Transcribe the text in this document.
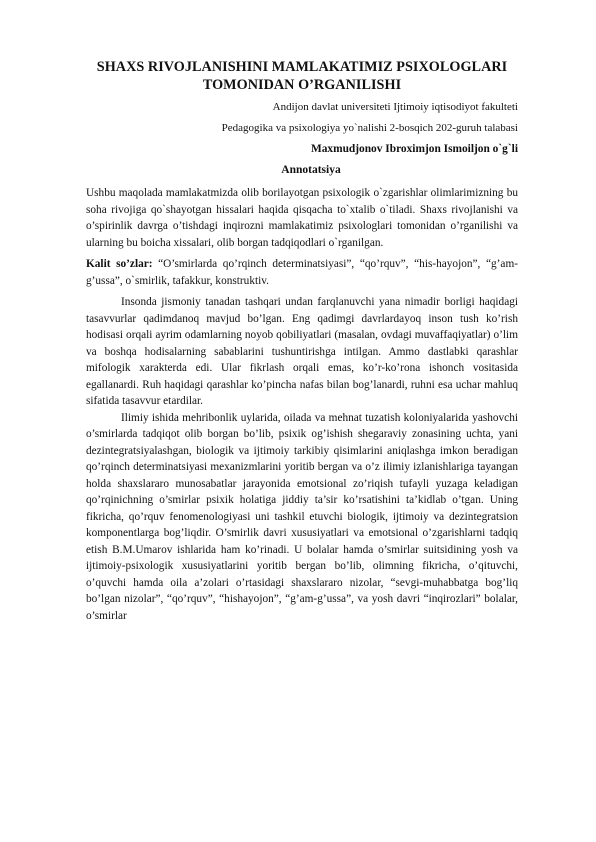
SHAXS RIVOJLANISHINI MAMLAKATIMIZ PSIXOLOGLARI TOMONIDAN O’RGANILISHI
Andijon davlat universiteti Ijtimoiy iqtisodiyot fakulteti
Pedagogika va psixologiya yo`nalishi 2-bosqich 202-guruh talabasi
Maxmudjonov Ibroximjon Ismoiljon o`g`li
Annotatsiya
Ushbu maqolada mamlakatmizda olib borilayotgan psixologik o`zgarishlar olimlarimizning bu soha rivojiga qo`shayotgan hissalari haqida qisqacha to`xtalib o`tiladi. Shaxs rivojlanishi va o’spirinlik davrga o’tishdagi inqirozni mamlakatimiz psixologlari tomonidan o’rganilishi va ularning bu boicha xissalari, olib borgan tadqiqodlari o`rganilgan.
Kalit so’zlar: “O’smirlarda qo’rqinch determinatsiyasi”, “qo’rquv”, “his-hayojon”, “g’am-g’ussa”, o`smirlik, tafakkur, konstruktiv.
Insonda jismoniy tanadan tashqari undan farqlanuvchi yana nimadir borligi haqidagi tasavvurlar qadimdanoq mavjud bo’lgan. Eng qadimgi davrlardayoq inson tush ko’rish hodisasi orqali ayrim odamlarning noyob qobiliyatlari (masalan, ovdagi muvaffaqiyatlar) o’lim va boshqa hodisalarning sabablarini tushuntirishga intilgan. Ammo dastlabki qarashlar mifologik xarakterda edi. Ular fikrlash orqali emas, ko’r-ko’rona ishonch vositasida egallanardi. Ruh haqidagi qarashlar ko’pincha nafas bilan bog’lanardi, ruhni esa uchar mahluq sifatida tasavvur etardilar.
Ilimiy ishida mehribonlik uylarida, oilada va mehnat tuzatish koloniyalarida yashovchi o’smirlarda tadqiqot olib borgan bo’lib, psixik og’ishish shegaraviy zonasining uchta, yani dezintegratsiyalashgan, biologik va ijtimoiy tarkibiy qisimlarini aniqlashga imkon beradigan qo’rqinch determinatsiyasi mexanizmlarini yoritib bergan va o’z ilimiy izlanishlariga tayangan holda shaxslararo munosabatlar jarayonida emotsional zo’riqish tufayli yuzaga keladigan qo’rqinichning o’smirlar psixik holatiga jiddiy ta’sir ko’rsatishini ta’kidlab o’tgan. Uning fikricha, qo’rquv fenomenologiyasi uni tashkil etuvchi biologik, ijtimoiy va dezintegratsion komponentlarga bog’liqdir. O’smirlik davri xususiyatlari va emotsional o’zgarishlarni tadqiq etish B.M.Umarov ishlarida ham ko’rinadi. U bolalar hamda o’smirlar suitsidining yosh va ijtimoiy-psixologik xususiyatlarini yoritib bergan bo’lib, olimning fikricha, o’qituvchi, o’quvchi hamda oila a’zolari o’rtasidagi shaxslararo nizolar, “sevgi-muhabbatga bog’liq bo’lgan nizolar”, “qo’rquv”, “hishayojon”, “g’am-g’ussa”, va yosh davri “inqirozlari” bolalar, o’smirlar
